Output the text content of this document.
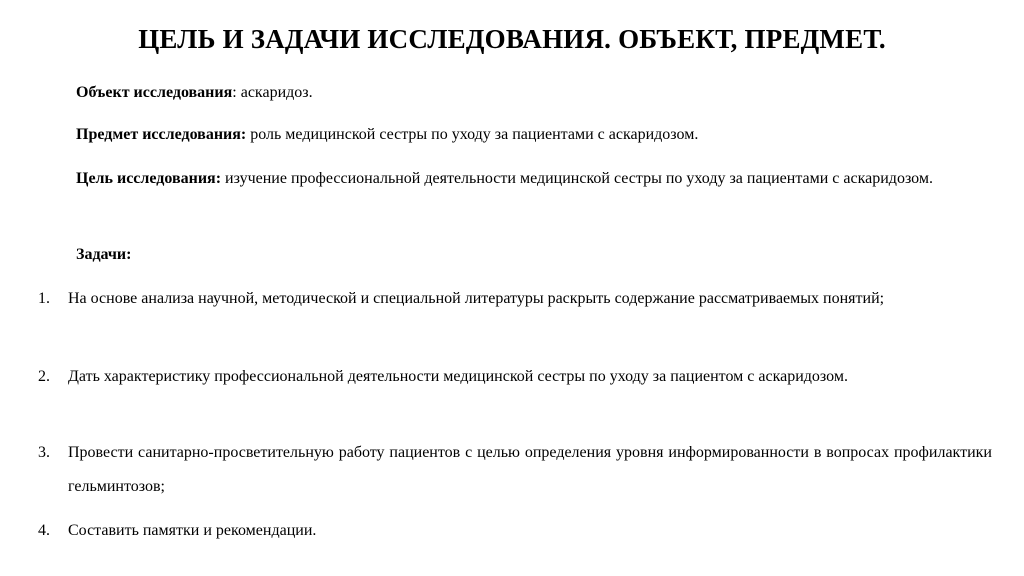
ЦЕЛЬ И ЗАДАЧИ ИССЛЕДОВАНИЯ. ОБЪЕКТ, ПРЕДМЕТ.

Объект исследования: аскаридоз.

Предмет исследования: роль медицинской сестры по уходу за пациентами с аскаридозом.

Цель исследования: изучение профессиональной деятельности медицинской сестры по уходу за пациентами с аскаридозом.

Задачи:

1.	На основе анализа научной, методической и специальной литературы раскрыть содержание рассматриваемых понятий;
2.	Дать характеристику профессиональной деятельности медицинской сестры по уходу за пациентом с аскаридозом.
3.	Провести санитарно-просветительную работу пациентов с целью определения уровня информированности в вопросах профилактики гельминтозов;
4.	Составить памятки и рекомендации.
